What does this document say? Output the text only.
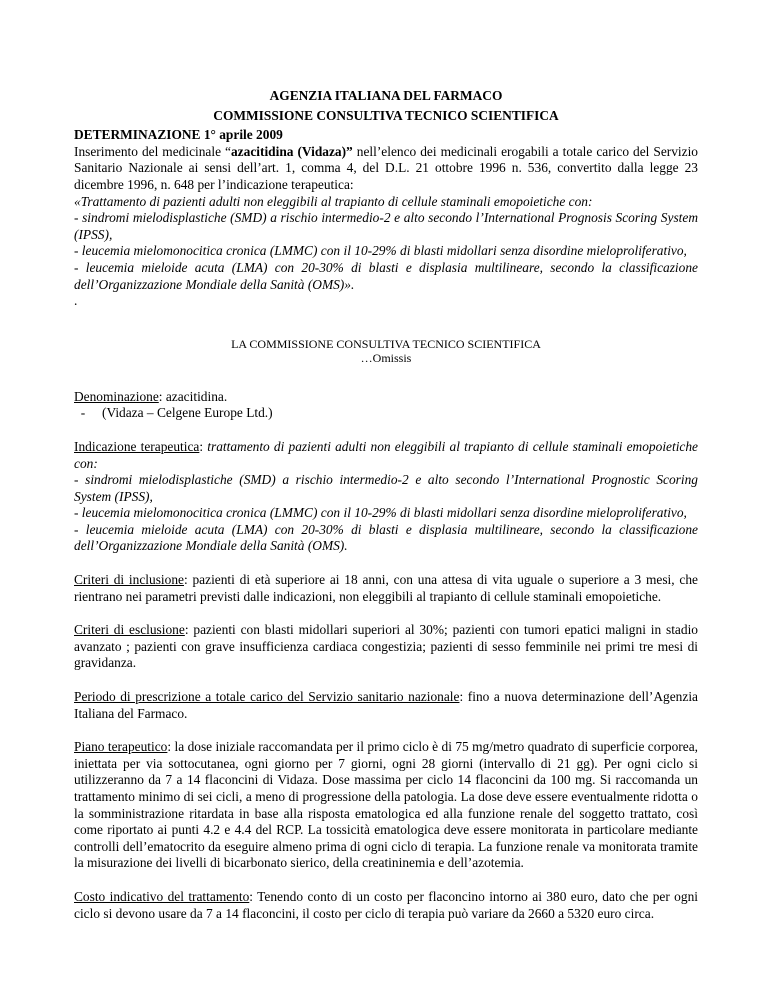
AGENZIA ITALIANA DEL FARMACO
COMMISSIONE CONSULTIVA TECNICO SCIENTIFICA
DETERMINAZIONE 1° aprile 2009

Inserimento del medicinale “azacitidina (Vidaza)” nell’elenco dei medicinali erogabili a totale carico del Servizio Sanitario Nazionale ai sensi dell’art. 1, comma 4, del D.L. 21 ottobre 1996 n. 536, convertito dalla legge 23 dicembre 1996, n. 648 per l’indicazione terapeutica:

«Trattamento di pazienti adulti non eleggibili al trapianto di cellule staminali emopoietiche con:

- sindromi mielodisplastiche (SMD) a rischio intermedio-2 e alto secondo l’International Prognosis Scoring System (IPSS),

- leucemia mielomonocitica cronica (LMMC) con il 10-29% di blasti midollari senza disordine mieloproliferativo,

- leucemia mieloide acuta (LMA) con 20-30% di blasti e displasia multilineare, secondo la classificazione dell’Organizzazione Mondiale della Sanità (OMS)».

.

LA COMMISSIONE CONSULTIVA TECNICO SCIENTIFICA
…Omissis

Denominazione: azacitidina.

- (Vidaza – Celgene Europe Ltd.)

Indicazione terapeutica: trattamento di pazienti adulti non eleggibili al trapianto di cellule staminali emopoietiche con:

- sindromi mielodisplastiche (SMD) a rischio intermedio-2 e alto secondo l’International Prognostic Scoring System (IPSS),

- leucemia mielomonocitica cronica (LMMC) con il 10-29% di blasti midollari senza disordine mieloproliferativo,

- leucemia mieloide acuta (LMA) con 20-30% di blasti e displasia multilineare, secondo la classificazione dell’Organizzazione Mondiale della Sanità (OMS).

Criteri di inclusione: pazienti di età superiore ai 18 anni, con una attesa di vita uguale o superiore a 3 mesi, che rientrano nei parametri previsti dalle indicazioni, non eleggibili al trapianto di cellule staminali emopoietiche.

Criteri di esclusione: pazienti con blasti midollari superiori al 30%; pazienti con tumori epatici maligni in stadio avanzato ; pazienti con grave insufficienza cardiaca congestizia; pazienti di sesso femminile nei primi tre mesi di gravidanza.

Periodo di prescrizione a totale carico del Servizio sanitario nazionale: fino a nuova determinazione dell’Agenzia Italiana del Farmaco.

Piano terapeutico: la dose iniziale raccomandata per il primo ciclo è di 75 mg/metro quadrato di superficie corporea, iniettata per via sottocutanea, ogni giorno per 7 giorni, ogni 28 giorni (intervallo di 21 gg). Per ogni ciclo si utilizzeranno da 7 a 14 flaconcini di Vidaza. Dose massima per ciclo 14 flaconcini da 100 mg. Si raccomanda un trattamento minimo di sei cicli, a meno di progressione della patologia. La dose deve essere eventualmente ridotta o la somministrazione ritardata in base alla risposta ematologica ed alla funzione renale del soggetto trattato, così come riportato ai punti 4.2 e 4.4 del RCP. La tossicità ematologica deve essere monitorata in particolare mediante controlli dell’ematocrito da eseguire almeno prima di ogni ciclo di terapia. La funzione renale va monitorata tramite la misurazione dei livelli di bicarbonato sierico, della creatininemia e dell’azotemia.

Costo indicativo del trattamento: Tenendo conto di un costo per flaconcino intorno ai 380 euro, dato che per ogni ciclo si devono usare da 7 a 14 flaconcini, il costo per ciclo di terapia può variare da 2660 a 5320 euro circa.
